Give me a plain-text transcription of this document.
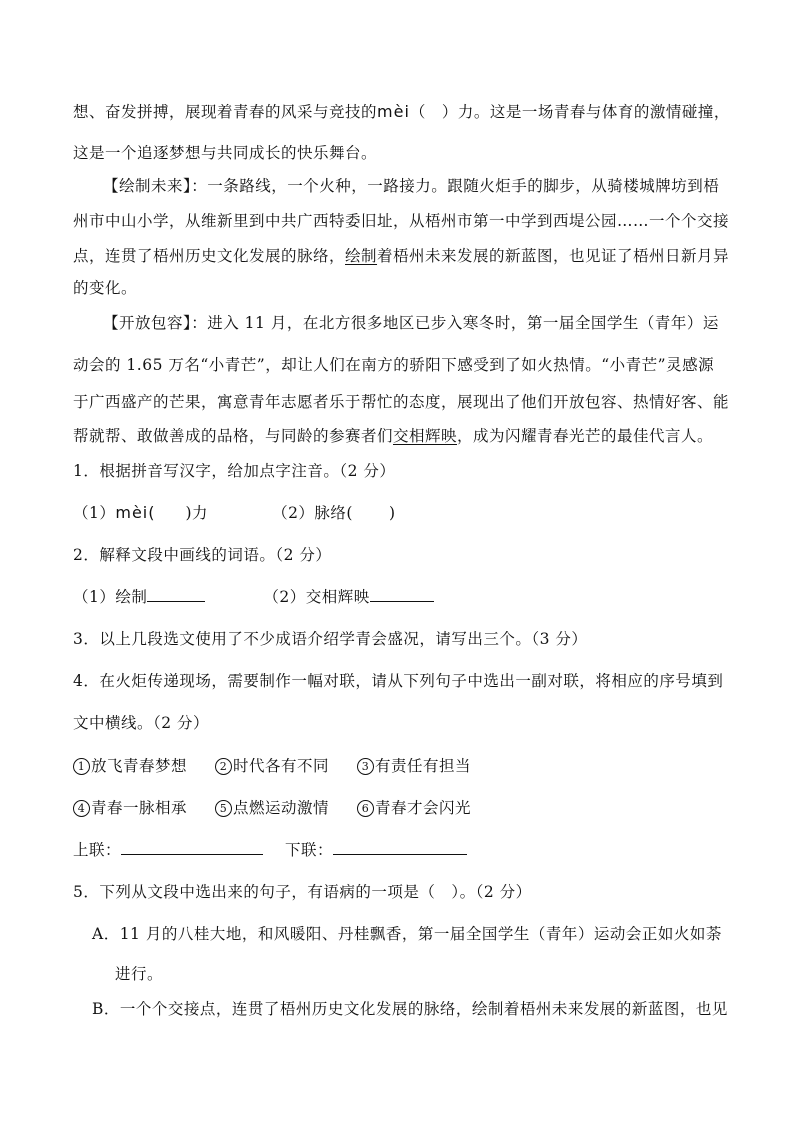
想、奋发拼搏，展现着青春的风采与竞技的mèi（　）力。这是一场青春与体育的激情碰撞，
这是一个追逐梦想与共同成长的快乐舞台。
【绘制未来】：一条路线，一个火种，一路接力。跟随火炬手的脚步，从骑楼城牌坊到梧
州市中山小学，从维新里到中共广西特委旧址，从梧州市第一中学到西堤公园……一个个交接
点，连贯了梧州历史文化发展的脉络，绘制着梧州未来发展的新蓝图，也见证了梧州日新月异
的变化。
【开放包容】：进入 11 月，在北方很多地区已步入寒冬时，第一届全国学生（青年）运
动会的 1.65 万名“小青芒”，却让人们在南方的骄阳下感受到了如火热情。“小青芒”灵感源
于广西盛产的芒果，寓意青年志愿者乐于帮忙的态度，展现出了他们开放包容、热情好客、能
帮就帮、敢做善成的品格，与同龄的参赛者们交相辉映，成为闪耀青春光芒的最佳代言人。
1．根据拼音写汉字，给加点字注音。（2 分）
（1）mèi( )力	（2）脉络( )
2．解释文段中画线的词语。（2 分）
（1）绘制	（2）交相辉映
3．以上几段选文使用了不少成语介绍学青会盛况，请写出三个。（3 分）
4．在火炬传递现场，需要制作一幅对联，请从下列句子中选出一副对联，将相应的序号填到
文中横线。（2 分）
1 放飞青春梦想	2 时代各有不同	3 有责任有担当
4 青春一脉相承	5 点燃运动激情	6 青春才会闪光
上联：	下联：
5．下列从文段中选出来的句子，有语病的一项是（　）。（2 分）
A．11 月的八桂大地，和风暖阳、丹桂飘香，第一届全国学生（青年）运动会正如火如荼
进行。
B．一个个交接点，连贯了梧州历史文化发展的脉络，绘制着梧州未来发展的新蓝图，也见
